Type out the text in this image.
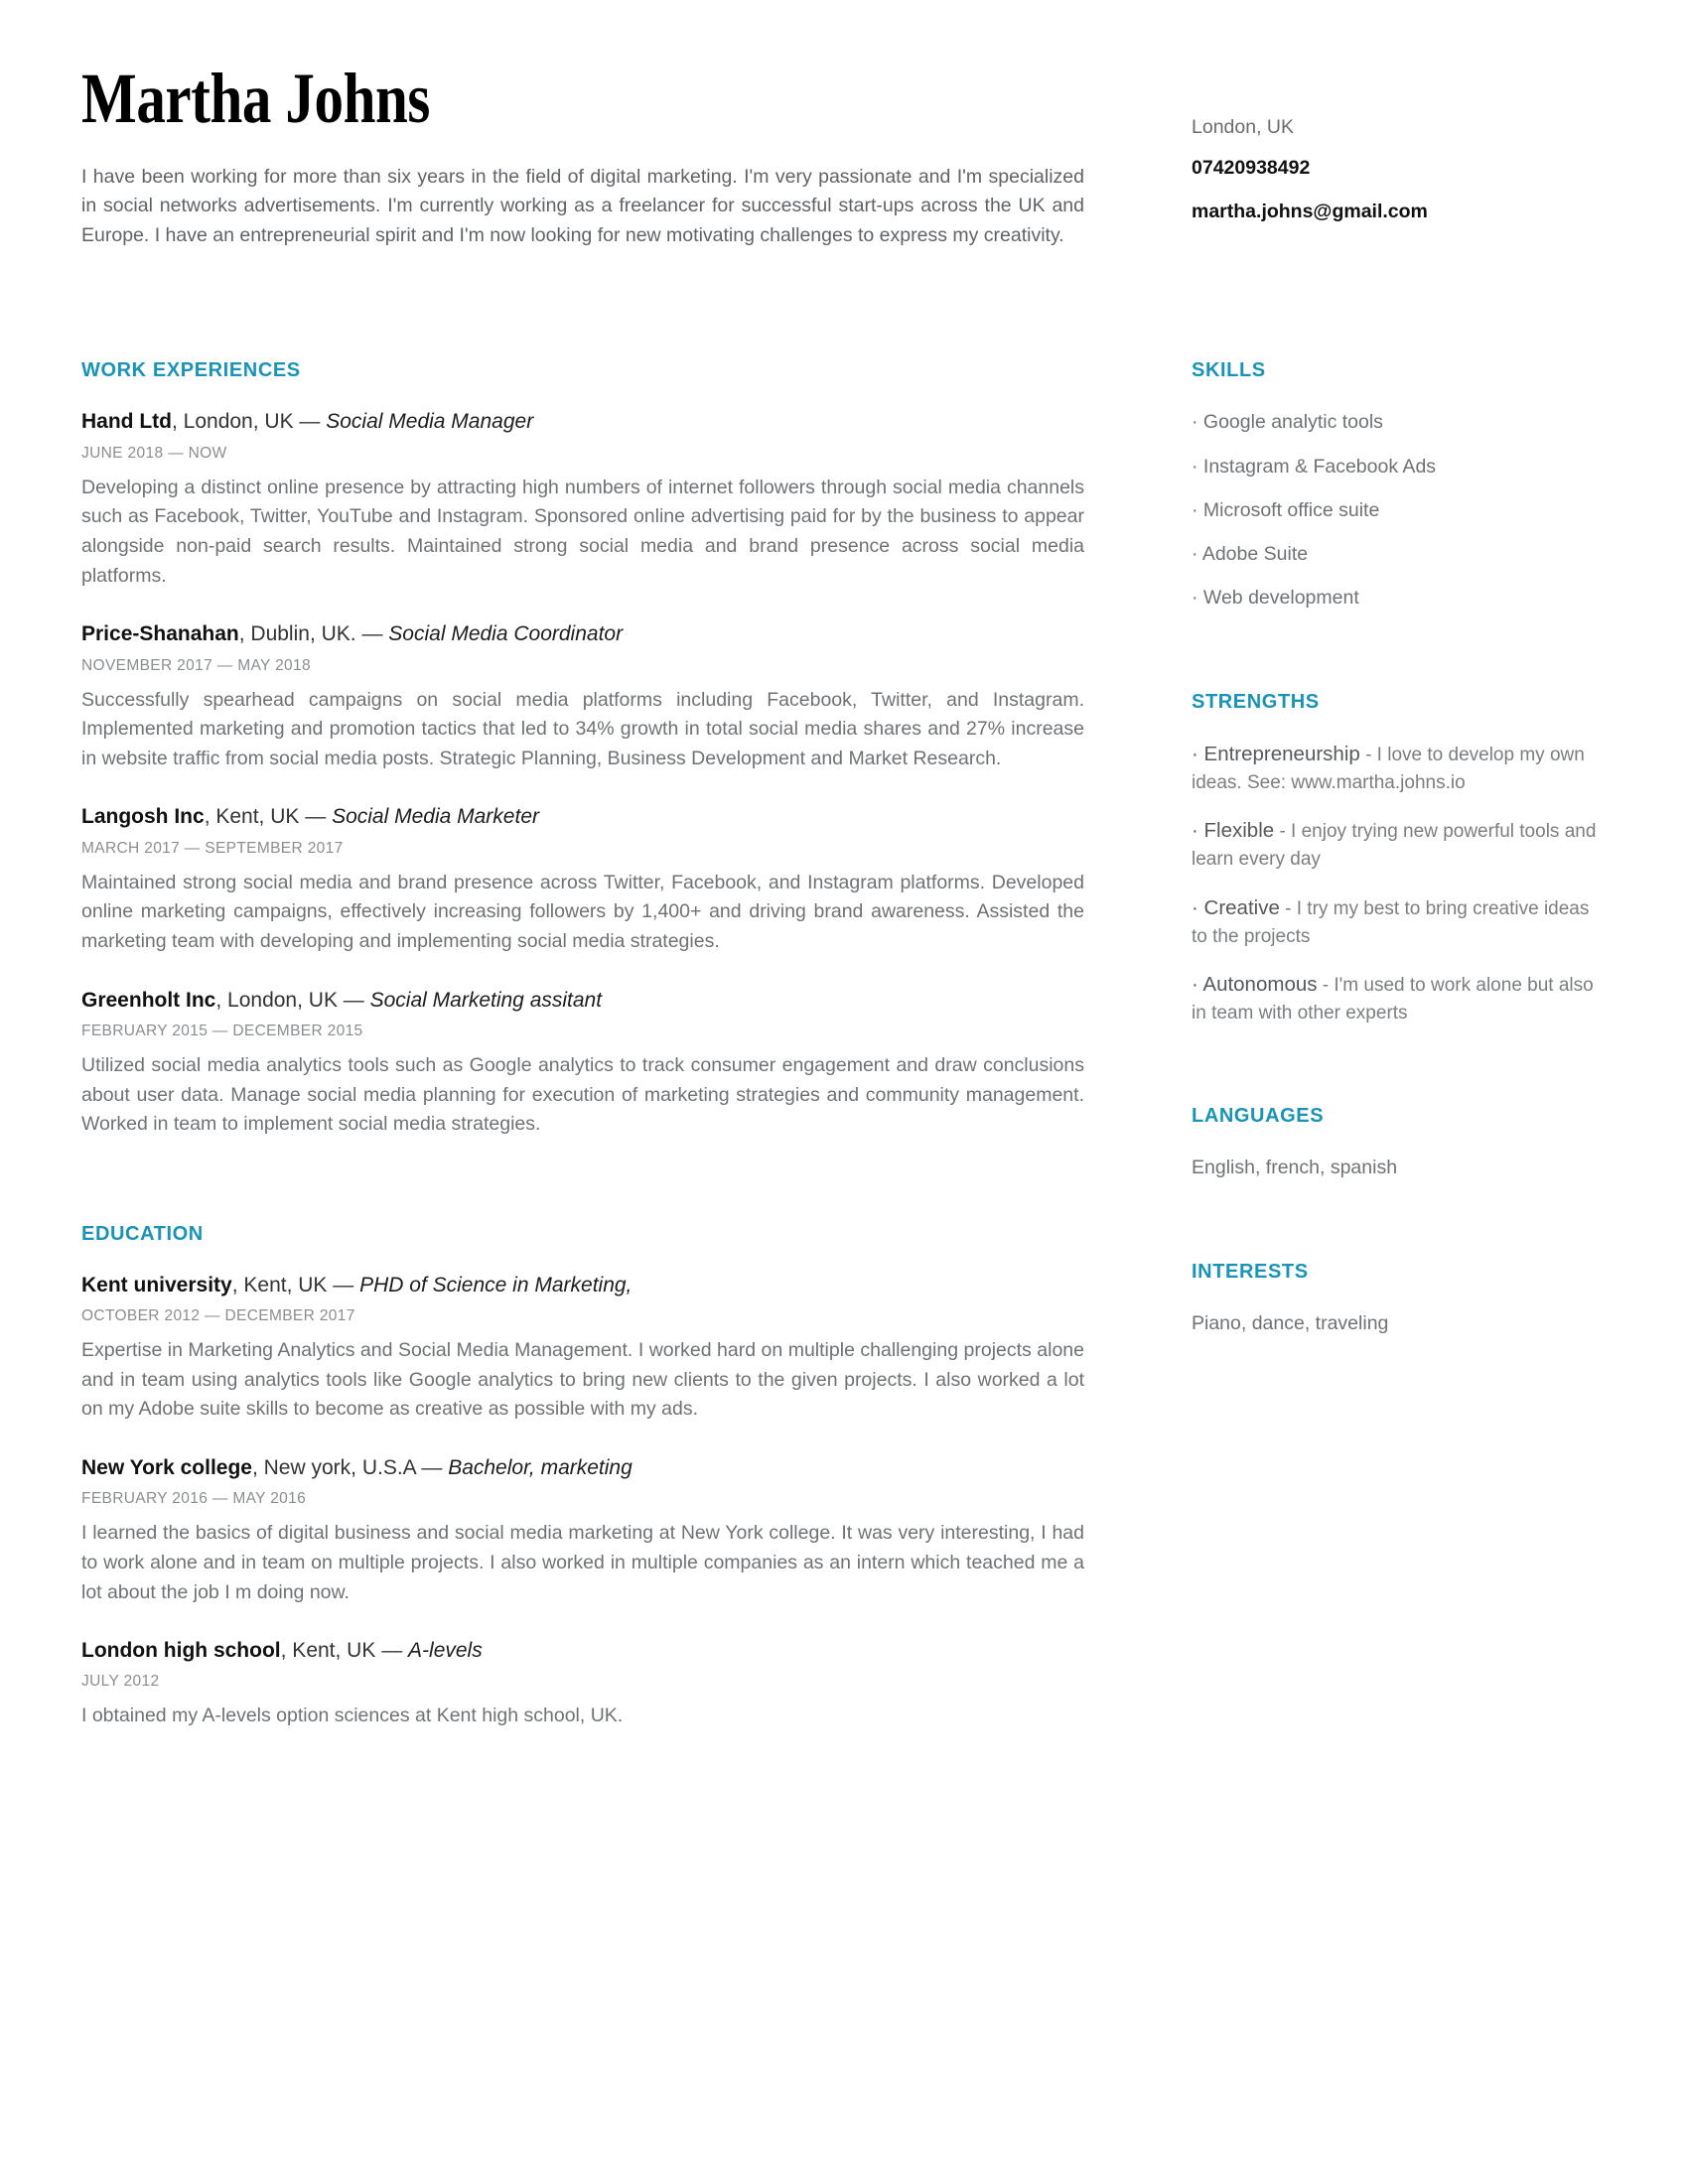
Martha Johns

I have been working for more than six years in the field of digital marketing. I'm very passionate and I'm specialized in social networks advertisements. I'm currently working as a freelancer for successful start-ups across the UK and Europe. I have an entrepreneurial spirit and I'm now looking for new motivating challenges to express my creativity.

London, UK
07420938492
martha.johns@gmail.com
WORK EXPERIENCES
Hand Ltd, London, UK — Social Media Manager
JUNE 2018 — NOW

Developing a distinct online presence by attracting high numbers of internet followers through social media channels such as Facebook, Twitter, YouTube and Instagram. Sponsored online advertising paid for by the business to appear alongside non-paid search results. Maintained strong social media and brand presence across social media platforms.

Price-Shanahan, Dublin, UK. — Social Media Coordinator
NOVEMBER 2017 — MAY 2018

Successfully spearhead campaigns on social media platforms including Facebook, Twitter, and Instagram. Implemented marketing and promotion tactics that led to 34% growth in total social media shares and 27% increase in website traffic from social media posts. Strategic Planning, Business Development and Market Research.

Langosh Inc, Kent, UK — Social Media Marketer
MARCH 2017 — SEPTEMBER 2017

Maintained strong social media and brand presence across Twitter, Facebook, and Instagram platforms. Developed online marketing campaigns, effectively increasing followers by 1,400+ and driving brand awareness. Assisted the marketing team with developing and implementing social media strategies.

Greenholt Inc, London, UK — Social Marketing assitant
FEBRUARY 2015 — DECEMBER 2015

Utilized social media analytics tools such as Google analytics to track consumer engagement and draw conclusions about user data. Manage social media planning for execution of marketing strategies and community management. Worked in team to implement social media strategies.

EDUCATION
Kent university, Kent, UK — PHD of Science in Marketing,
OCTOBER 2012 — DECEMBER 2017

Expertise in Marketing Analytics and Social Media Management. I worked hard on multiple challenging projects alone and in team using analytics tools like Google analytics to bring new clients to the given projects. I also worked a lot on my Adobe suite skills to become as creative as possible with my ads.

New York college, New york, U.S.A — Bachelor, marketing
FEBRUARY 2016 — MAY 2016

I learned the basics of digital business and social media marketing at New York college. It was very interesting, I had to work alone and in team on multiple projects. I also worked in multiple companies as an intern which teached me a lot about the job I m doing now.

London high school, Kent, UK — A-levels
JULY 2012

I obtained my A-levels option sciences at Kent high school, UK.

SKILLS
· Google analytic tools
· Instagram & Facebook Ads
· Microsoft office suite
· Adobe Suite
· Web development
STRENGTHS
· Entrepreneurship - I love to develop my own ideas. See: www.martha.johns.io
· Flexible - I enjoy trying new powerful tools and learn every day
· Creative - I try my best to bring creative ideas to the projects
· Autonomous - I'm used to work alone but also in team with other experts
LANGUAGES
English, french, spanish
INTERESTS
Piano, dance, traveling
